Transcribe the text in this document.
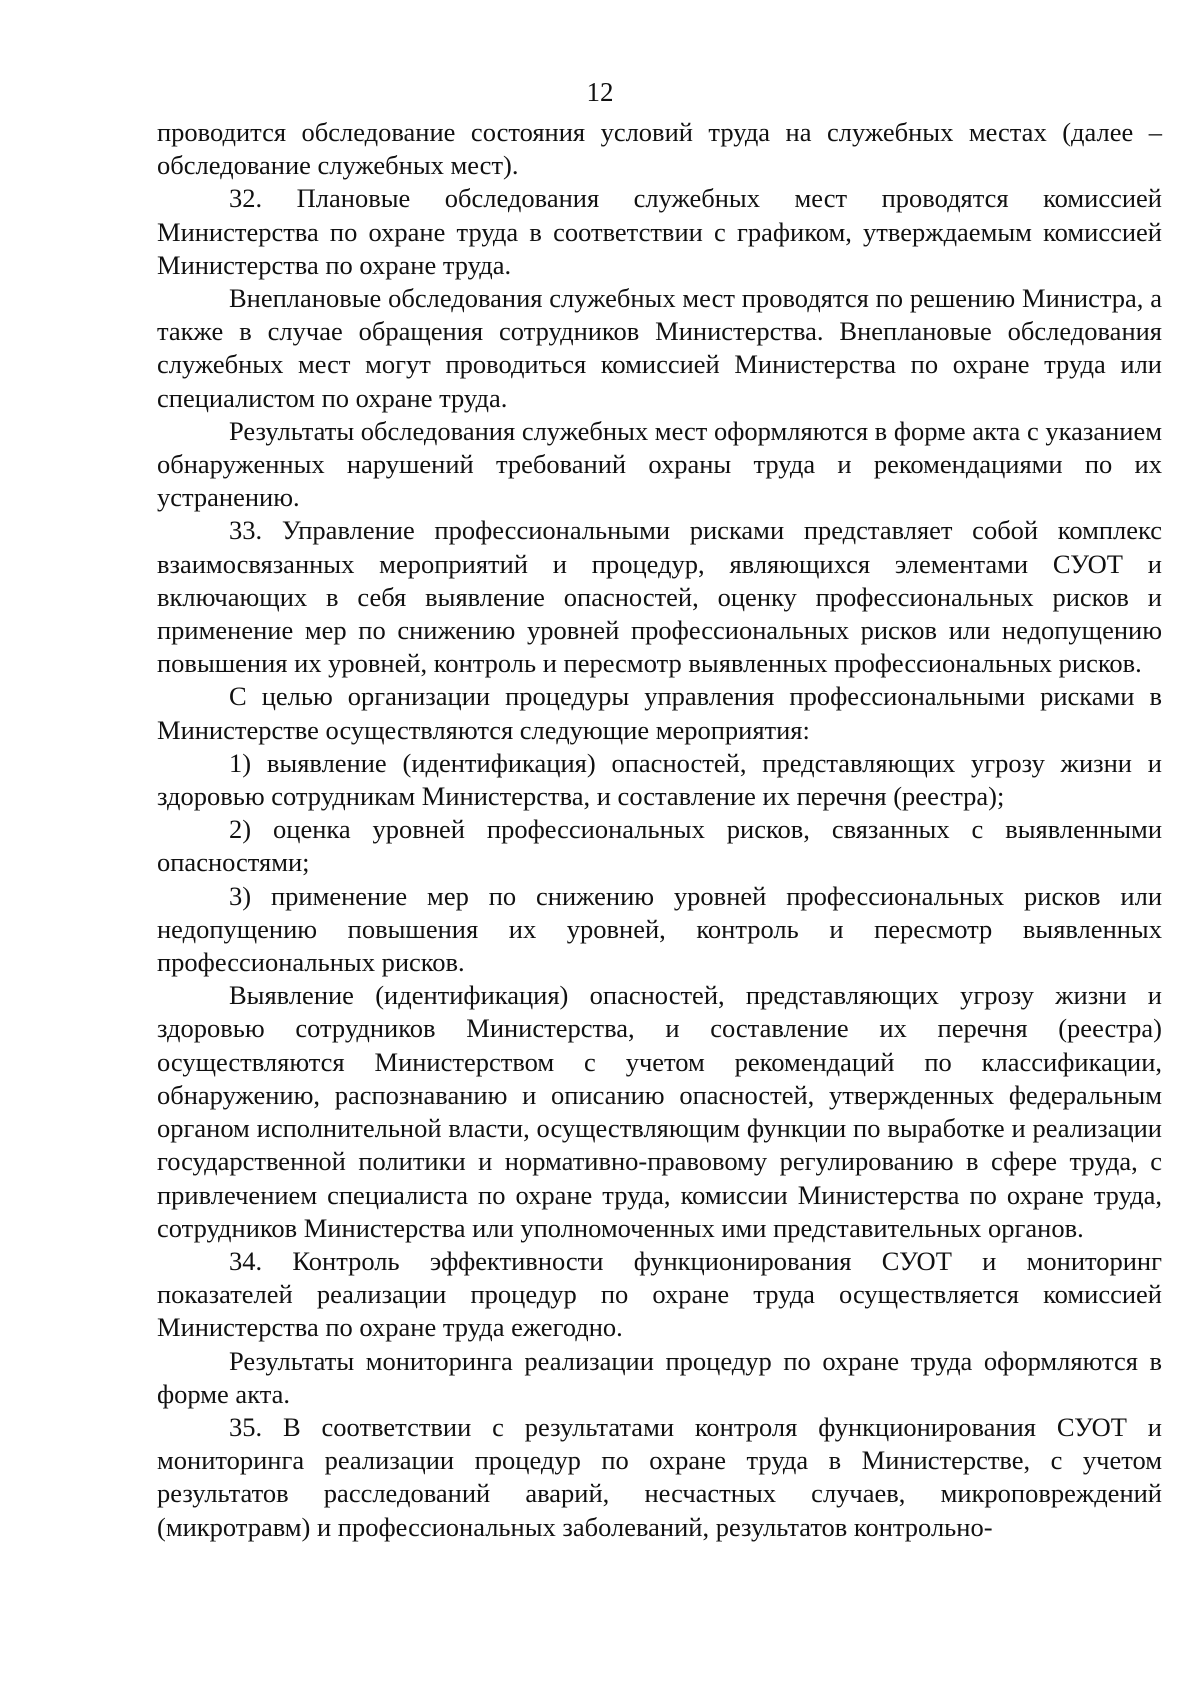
12

проводится обследование состояния условий труда на служебных местах (далее – обследование служебных мест).

32. Плановые обследования служебных мест проводятся комиссией Министерства по охране труда в соответствии с графиком, утверждаемым комиссией Министерства по охране труда.

Внеплановые обследования служебных мест проводятся по решению Министра, а также в случае обращения сотрудников Министерства. Внеплановые обследования служебных мест могут проводиться комиссией Министерства по охране труда или специалистом по охране труда.

Результаты обследования служебных мест оформляются в форме акта с указанием обнаруженных нарушений требований охраны труда и рекомендациями по их устранению.

33. Управление профессиональными рисками представляет собой комплекс взаимосвязанных мероприятий и процедур, являющихся элементами СУОТ и включающих в себя выявление опасностей, оценку профессиональных рисков и применение мер по снижению уровней профессиональных рисков или недопущению повышения их уровней, контроль и пересмотр выявленных профессиональных рисков.

С целью организации процедуры управления профессиональными рисками в Министерстве осуществляются следующие мероприятия:

1) выявление (идентификация) опасностей, представляющих угрозу жизни и здоровью сотрудникам Министерства, и составление их перечня (реестра);

2) оценка уровней профессиональных рисков, связанных с выявленными опасностями;

3) применение мер по снижению уровней профессиональных рисков или недопущению повышения их уровней, контроль и пересмотр выявленных профессиональных рисков.

Выявление (идентификация) опасностей, представляющих угрозу жизни и здоровью сотрудников Министерства, и составление их перечня (реестра) осуществляются Министерством с учетом рекомендаций по классификации, обнаружению, распознаванию и описанию опасностей, утвержденных федеральным органом исполнительной власти, осуществляющим функции по выработке и реализации государственной политики и нормативно-правовому регулированию в сфере труда, с привлечением специалиста по охране труда, комиссии Министерства по охране труда, сотрудников Министерства или уполномоченных ими представительных органов.

34. Контроль эффективности функционирования СУОТ и мониторинг показателей реализации процедур по охране труда осуществляется комиссией Министерства по охране труда ежегодно.

Результаты мониторинга реализации процедур по охране труда оформляются в форме акта.

35. В соответствии с результатами контроля функционирования СУОТ и мониторинга реализации процедур по охране труда в Министерстве, с учетом результатов расследований аварий, несчастных случаев, микроповреждений (микротравм) и профессиональных заболеваний, результатов контрольно-
